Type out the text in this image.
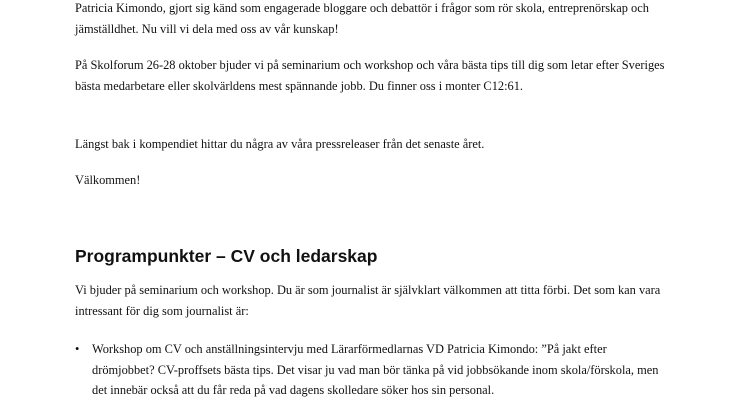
Patricia Kimondo, gjort sig känd som engagerade bloggare och debattör i frågor som rör skola, entreprenörskap och jämställdhet. Nu vill vi dela med oss av vår kunskap!

På Skolforum 26-28 oktober bjuder vi på seminarium och workshop och våra bästa tips till dig som letar efter Sveriges bästa medarbetare eller skolvärldens mest spännande jobb. Du finner oss i monter C12:61.

Längst bak i kompendiet hittar du några av våra pressreleaser från det senaste året.

Välkommen!

Programpunkter – CV och ledarskap

Vi bjuder på seminarium och workshop. Du är som journalist är självklart välkommen att titta förbi. Det som kan vara intressant för dig som journalist är:

• Workshop om CV och anställningsintervju med Lärarförmedlarnas VD Patricia Kimondo: ”På jakt efter drömjobbet? CV-proffsets bästa tips. Det visar ju vad man bör tänka på vid jobbsökande inom skola/förskola, men det innebär också att du får reda på vad dagens skolledare söker hos sin personal.
